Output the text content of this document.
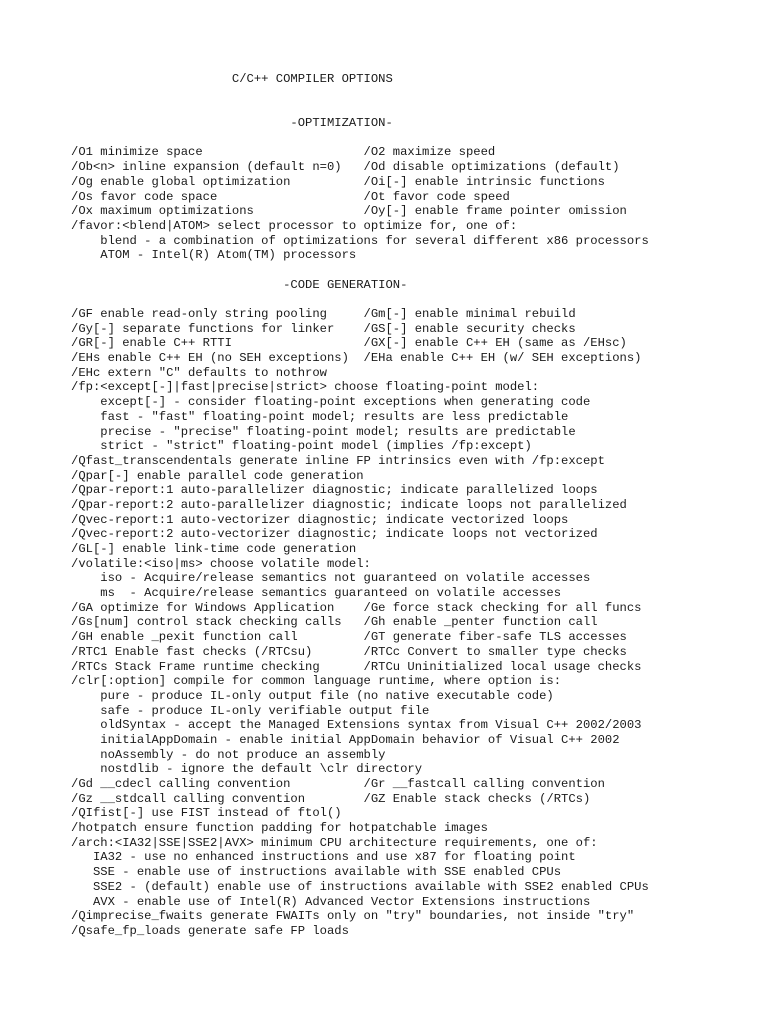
C/C++ COMPILER OPTIONS

-OPTIMIZATION-

/O1 minimize space                      /O2 maximize speed
/Ob<n> inline expansion (default n=0)   /Od disable optimizations (default)
/Og enable global optimization          /Oi[-] enable intrinsic functions
/Os favor code space                    /Ot favor code speed
/Ox maximum optimizations               /Oy[-] enable frame pointer omission
/favor:<blend|ATOM> select processor to optimize for, one of:
blend - a combination of optimizations for several different x86 processors
ATOM - Intel(R) Atom(TM) processors

-CODE GENERATION-

/GF enable read-only string pooling     /Gm[-] enable minimal rebuild
/Gy[-] separate functions for linker    /GS[-] enable security checks
/GR[-] enable C++ RTTI                  /GX[-] enable C++ EH (same as /EHsc)
/EHs enable C++ EH (no SEH exceptions)  /EHa enable C++ EH (w/ SEH exceptions)
/EHc extern "C" defaults to nothrow
/fp:<except[-]|fast|precise|strict> choose floating-point model:
except[-] - consider floating-point exceptions when generating code
fast - "fast" floating-point model; results are less predictable
precise - "precise" floating-point model; results are predictable
strict - "strict" floating-point model (implies /fp:except)
/Qfast_transcendentals generate inline FP intrinsics even with /fp:except
/Qpar[-] enable parallel code generation
/Qpar-report:1 auto-parallelizer diagnostic; indicate parallelized loops
/Qpar-report:2 auto-parallelizer diagnostic; indicate loops not parallelized
/Qvec-report:1 auto-vectorizer diagnostic; indicate vectorized loops
/Qvec-report:2 auto-vectorizer diagnostic; indicate loops not vectorized
/GL[-] enable link-time code generation
/volatile:<iso|ms> choose volatile model:
iso - Acquire/release semantics not guaranteed on volatile accesses
ms  - Acquire/release semantics guaranteed on volatile accesses
/GA optimize for Windows Application    /Ge force stack checking for all funcs
/Gs[num] control stack checking calls   /Gh enable _penter function call
/GH enable _pexit function call         /GT generate fiber-safe TLS accesses
/RTC1 Enable fast checks (/RTCsu)       /RTCc Convert to smaller type checks
/RTCs Stack Frame runtime checking      /RTCu Uninitialized local usage checks
/clr[:option] compile for common language runtime, where option is:
pure - produce IL-only output file (no native executable code)
safe - produce IL-only verifiable output file
oldSyntax - accept the Managed Extensions syntax from Visual C++ 2002/2003
initialAppDomain - enable initial AppDomain behavior of Visual C++ 2002
noAssembly - do not produce an assembly
nostdlib - ignore the default \clr directory
/Gd __cdecl calling convention          /Gr __fastcall calling convention
/Gz __stdcall calling convention        /GZ Enable stack checks (/RTCs)
/QIfist[-] use FIST instead of ftol()
/hotpatch ensure function padding for hotpatchable images
/arch:<IA32|SSE|SSE2|AVX> minimum CPU architecture requirements, one of:
IA32 - use no enhanced instructions and use x87 for floating point
SSE - enable use of instructions available with SSE enabled CPUs
SSE2 - (default) enable use of instructions available with SSE2 enabled CPUs
AVX - enable use of Intel(R) Advanced Vector Extensions instructions
/Qimprecise_fwaits generate FWAITs only on "try" boundaries, not inside "try"
/Qsafe_fp_loads generate safe FP loads
